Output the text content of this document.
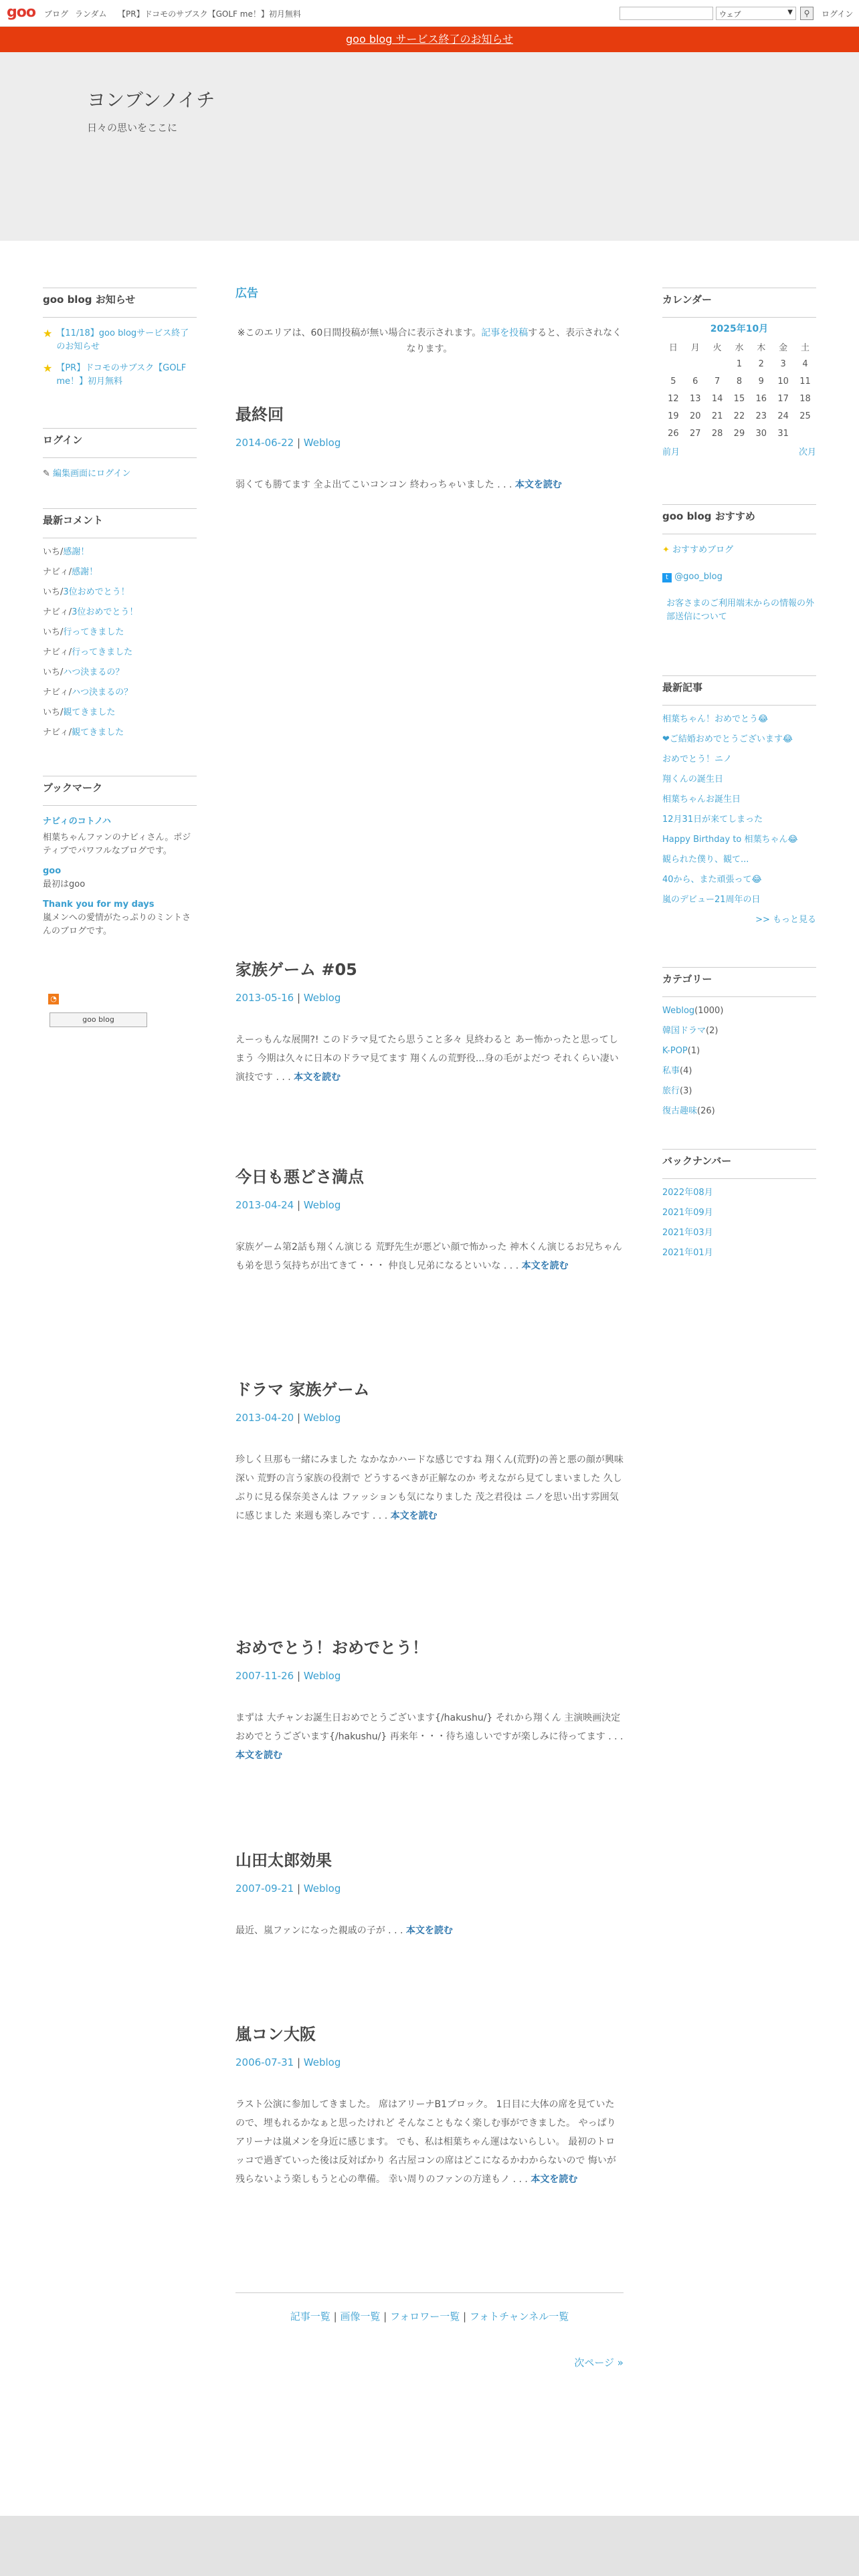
goo ブログ ランダム 【PR】ドコモのサブスク【GOLF me！】初月無料	ウェブ	▼	⚲	ログイン
goo blog サービス終了のお知らせ
ヨンブンノイチ
日々の思いをここに
goo blog お知らせ
★ 【11/18】goo blogサービス終了のお知らせ
★ 【PR】ドコモのサブスク【GOLF me！】初月無料
ログイン
✎ 編集画面にログイン
最新コメント
いち/感謝！
ナビィ/感謝！
いち/3位おめでとう！
ナビィ/3位おめでとう！
いち/行ってきました
ナビィ/行ってきました
いち/ハつ決まるの？
ナビィ/ハつ決まるの？
いち/観てきました
ナビィ/観てきました
ブックマーク
ナビィのコトノハ
相葉ちゃんファンのナビィさん。ポジティブでパワフルなブログです。
goo
最初はgoo
Thank you for my days
嵐メンへの愛情がたっぷりのミントさんのブログです。
◔
goo blog
広告
※このエリアは、60日間投稿が無い場合に表示されます。記事を投稿すると、表示されなくなります。
最終回
2014-06-22 | Weblog
弱くても勝てます 全よ出てこいコンコン 終わっちゃいました . . . 本文を読む
家族ゲーム #05
2013-05-16 | Weblog
えーっもんな展開?! このドラマ見てたら思うこと多々 見終わると あー怖かったと思ってしまう 今期は久々に日本のドラマ見てます 翔くんの荒野役...身の毛がよだつ それくらい凄い演技です . . . 本文を読む
今日も悪どさ満点
2013-04-24 | Weblog
家族ゲーム第2話も翔くん演じる 荒野先生が悪どい顔で怖かった 神木くん演じるお兄ちゃんも弟を思う気持ちが出てきて・・・ 仲良し兄弟になるといいな . . . 本文を読む
ドラマ 家族ゲーム
2013-04-20 | Weblog
珍しく旦那も一緒にみました なかなかハードな感じですね 翔くん(荒野)の善と悪の顔が興味深い 荒野の言う家族の役割で どうするべきが正解なのか 考えながら見てしまいました 久しぶりに見る保奈美さんは ファッションも気になりました 茂之君役は ニノを思い出す雰囲気に感じました 来週も楽しみです . . . 本文を読む
おめでとう！おめでとう！
2007-11-26 | Weblog
まずは 大チャンお誕生日おめでとうございます{/hakushu/} それから翔くん 主演映画決定おめでとうございます{/hakushu/} 再来年・・・待ち遠しいですが楽しみに待ってます . . . 本文を読む
山田太郎効果
2007-09-21 | Weblog
最近、嵐ファンになった親戚の子が . . . 本文を読む
嵐コン大阪
2006-07-31 | Weblog
ラスト公演に参加してきました。 席はアリーナB1ブロック。 1日目に大体の席を見ていたので、埋もれるかなぁと思ったけれど そんなこともなく楽しむ事ができました。 やっぱりアリーナは嵐メンを身近に感じます。 でも、私は相葉ちゃん運はないらしい。 最初のトロッコで過ぎていった後は反対ばかり 名古屋コンの席はどこになるかわからないので 悔いが残らないよう楽しもうと心の準備。 幸い周りのファンの方達もノ . . . 本文を読む
カレンダー
2025年10月
日	月	火	水	木	金	土
			1	2	3	4
5	6	7	8	9	10	11
12	13	14	15	16	17	18
19	20	21	22	23	24	25
26	27	28	29	30	31	
前月	次月
goo blog おすすめ
✦ おすすめブログ
t @goo_blog
お客さまのご利用端末からの情報の外部送信について
最新記事
相葉ちゃん！おめでとう😂
❤︎ご結婚おめでとうございます😂
おめでとう！ニノ
翔くんの誕生日
相葉ちゃんお誕生日
12月31日が来てしまった
Happy Birthday to 相葉ちゃん😂
観られた僕り、観て...
40から、また頑張って😂
嵐のデビュー21周年の日
>> もっと見る
カテゴリー
Weblog(1000)
韓国ドラマ(2)
K-POP(1)
私事(4)
旅行(3)
復古趣味(26)
バックナンバー
2022年08月
2021年09月
2021年03月
2021年01月
記事一覧 | 画像一覧 | フォロワー一覧 | フォトチャンネル一覧
次ページ »
